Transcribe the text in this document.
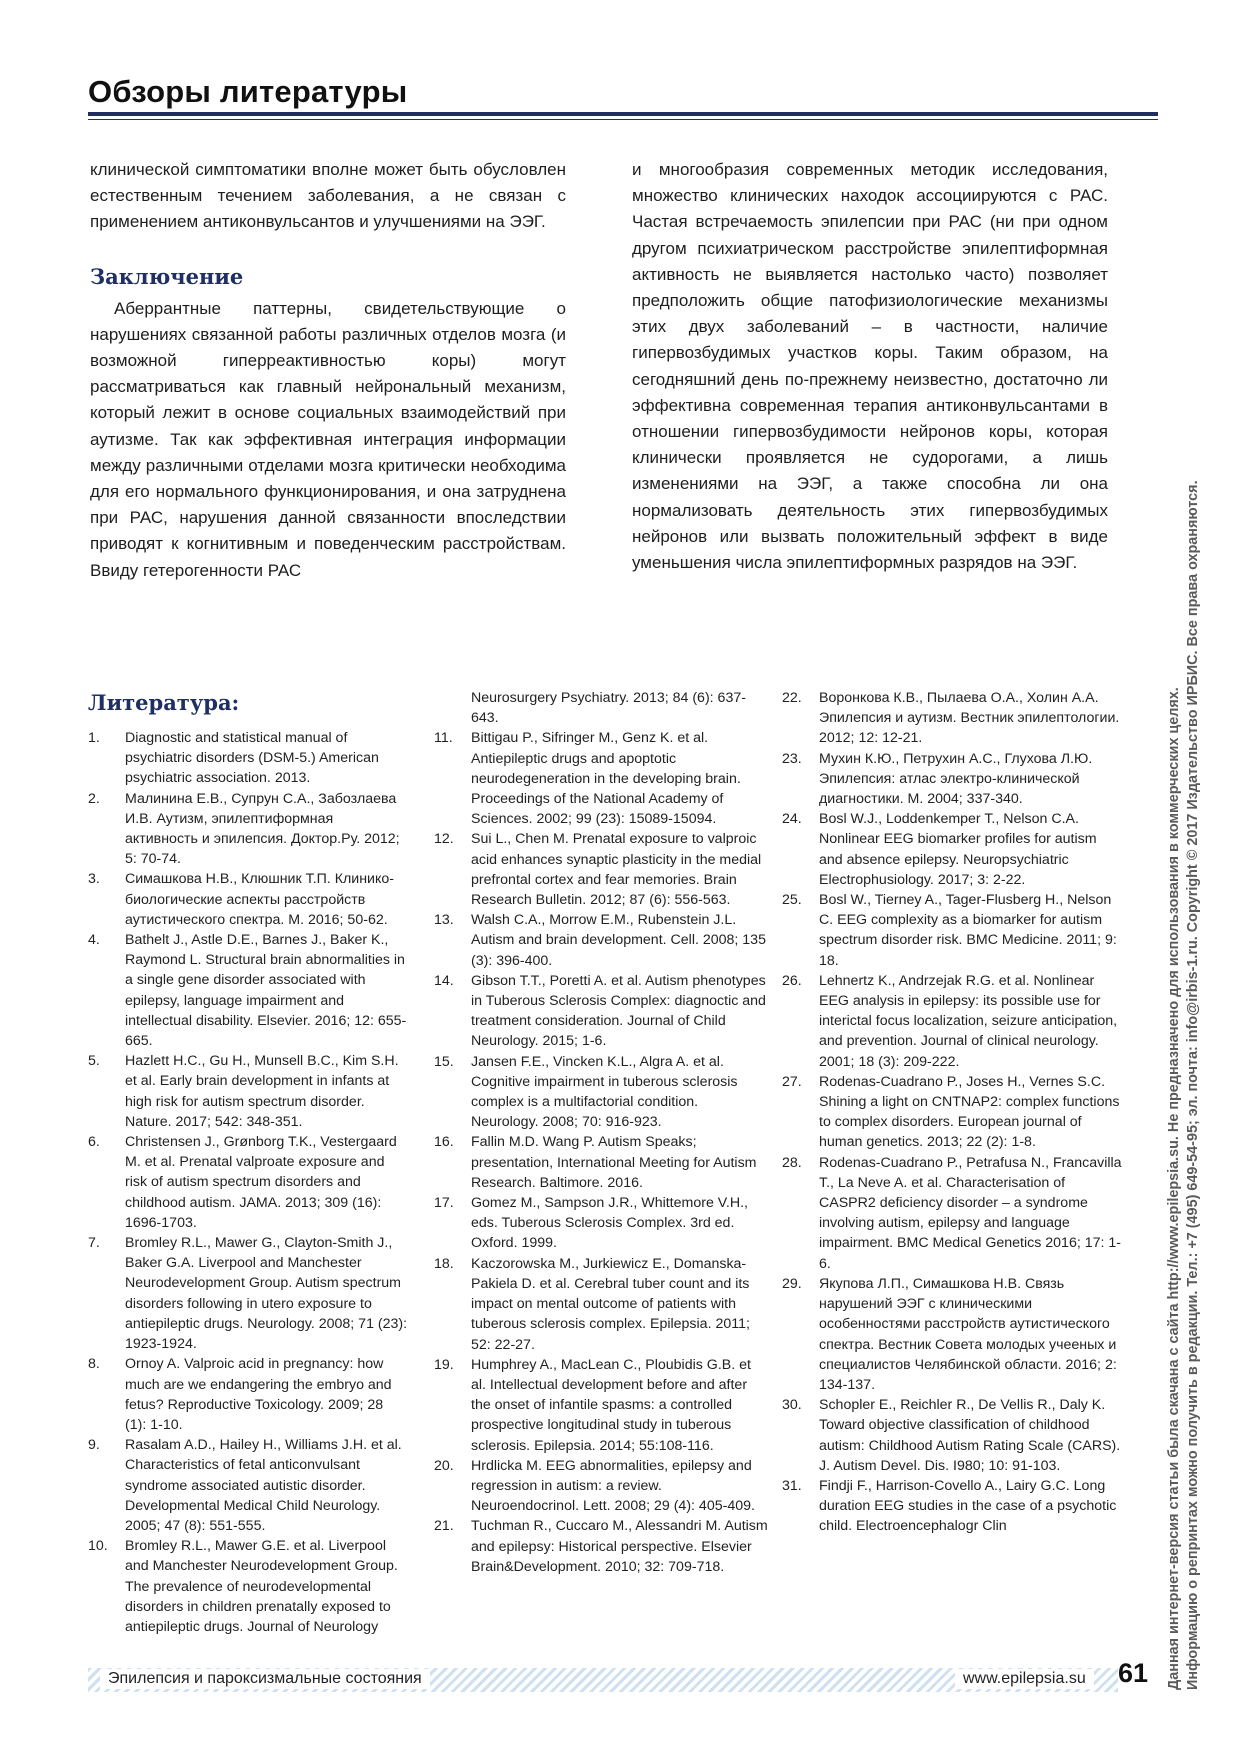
Обзоры литературы

клинической симптоматики вполне может быть обусловлен естественным течением заболевания, а не связан с применением антиконвульсантов и улучшениями на ЭЭГ.

Заключение

Аберрантные паттерны, свидетельствующие о нарушениях связанной работы различных отделов мозга (и возможной гиперреактивностью коры) могут рассматриваться как главный нейрональный механизм, который лежит в основе социальных взаимодействий при аутизме. Так как эффективная интеграция информации между различными отделами мозга критически необходима для его нормального функционирования, и она затруднена при РАС, нарушения данной связанности впоследствии приводят к когнитивным и поведенческим расстройствам. Ввиду гетерогенности РАС

и многообразия современных методик исследования, множество клинических находок ассоциируются с РАС. Частая встречаемость эпилепсии при РАС (ни при одном другом психиатрическом расстройстве эпилептиформная активность не выявляется настолько часто) позволяет предположить общие патофизиологические механизмы этих двух заболеваний – в частности, наличие гипервозбудимых участков коры. Таким образом, на сегодняшний день по-прежнему неизвестно, достаточно ли эффективна современная терапия антиконвульсантами в отношении гипервозбудимости нейронов коры, которая клинически проявляется не судорогами, а лишь изменениями на ЭЭГ, а также способна ли она нормализовать деятельность этих гипервозбудимых нейронов или вызвать положительный эффект в виде уменьшения числа эпилептиформных разрядов на ЭЭГ.

Литература:
1. Diagnostic and statistical manual of psychiatric disorders (DSM-5.) American psychiatric association. 2013.
2. Малинина Е.В., Супрун С.А., Забозлаева И.В. Аутизм, эпилептиформная активность и эпилепсия. Доктор.Ру. 2012; 5: 70-74.
3. Симашкова Н.В., Клюшник Т.П. Клинико-биологические аспекты расстройств аутистического спектра. М. 2016; 50-62.
4. Bathelt J., Astle D.E., Barnes J., Baker K., Raymond L. Structural brain abnormalities in a single gene disorder associated with epilepsy, language impairment and intellectual disability. Elsevier. 2016; 12: 655-665.
5. Hazlett H.C., Gu H., Munsell B.C., Kim S.H. et al. Early brain development in infants at high risk for autism spectrum disorder. Nature. 2017; 542: 348-351.
6. Christensen J., Grønborg T.K., Vestergaard M. et al. Prenatal valproate exposure and risk of autism spectrum disorders and childhood autism. JAMA. 2013; 309 (16): 1696-1703.
7. Bromley R.L., Mawer G., Clayton-Smith J., Baker G.A. Liverpool and Manchester Neurodevelopment Group. Autism spectrum disorders following in utero exposure to antiepileptic drugs. Neurology. 2008; 71 (23): 1923-1924.
8. Ornoy A. Valproic acid in pregnancy: how much are we endangering the embryo and fetus? Reproductive Toxicology. 2009; 28 (1): 1-10.
9. Rasalam A.D., Hailey H., Williams J.H. et al. Characteristics of fetal anticonvulsant syndrome associated autistic disorder. Developmental Medical Child Neurology. 2005; 47 (8): 551-555.
10. Bromley R.L., Mawer G.E. et al. Liverpool and Manchester Neurodevelopment Group. The prevalence of neurodevelopmental disorders in children prenatally exposed to antiepileptic drugs. Journal of Neurology
Neurosurgery Psychiatry. 2013; 84 (6): 637-643.
11. Bittigau P., Sifringer M., Genz K. et al. Antiepileptic drugs and apoptotic neurodegeneration in the developing brain. Proceedings of the National Academy of Sciences. 2002; 99 (23): 15089-15094.
12. Sui L., Chen M. Prenatal exposure to valproic acid enhances synaptic plasticity in the medial prefrontal cortex and fear memories. Brain Research Bulletin. 2012; 87 (6): 556-563.
13. Walsh C.A., Morrow E.M., Rubenstein J.L. Autism and brain development. Cell. 2008; 135 (3): 396-400.
14. Gibson T.T., Poretti A. et al. Autism phenotypes in Tuberous Sclerosis Complex: diagnoctic and treatment consideration. Journal of Child Neurology. 2015; 1-6.
15. Jansen F.E., Vincken K.L., Algra A. et al. Cognitive impairment in tuberous sclerosis complex is a multifactorial condition. Neurology. 2008; 70: 916-923.
16. Fallin M.D. Wang P. Autism Speaks; presentation, International Meeting for Autism Research. Baltimore. 2016.
17. Gomez M., Sampson J.R., Whittemore V.H., eds. Tuberous Sclerosis Complex. 3rd ed. Oxford. 1999.
18. Kaczorowska M., Jurkiewicz E., Domanska-Pakiela D. et al. Cerebral tuber count and its impact on mental outcome of patients with tuberous sclerosis complex. Epilepsia. 2011; 52: 22-27.
19. Humphrey A., MacLean C., Ploubidis G.B. et al. Intellectual development before and after the onset of infantile spasms: a controlled prospective longitudinal study in tuberous sclerosis. Epilepsia. 2014; 55:108-116.
20. Hrdlicka M. EEG abnormalities, epilepsy and regression in autism: a review. Neuroendocrinol. Lett. 2008; 29 (4): 405-409.
21. Tuchman R., Cuccaro M., Alessandri M. Autism and epilepsy: Historical perspective. Elsevier Brain&Development. 2010; 32: 709-718.
22. Воронкова К.В., Пылаева О.А., Холин А.А. Эпилепсия и аутизм. Вестник эпилептологии. 2012; 12: 12-21.
23. Мухин К.Ю., Петрухин А.С., Глухова Л.Ю. Эпилепсия: атлас электро-клинической диагностики. М. 2004; 337-340.
24. Bosl W.J., Loddenkemper T., Nelson C.A. Nonlinear EEG biomarker profiles for autism and absence epilepsy. Neuropsychiatric Electrophusiology. 2017; 3: 2-22.
25. Bosl W., Tierney A., Tager-Flusberg H., Nelson C. EEG complexity as a biomarker for autism spectrum disorder risk. BMC Medicine. 2011; 9: 18.
26. Lehnertz K., Andrzejak R.G. et al. Nonlinear EEG analysis in epilepsy: its possible use for interictal focus localization, seizure anticipation, and prevention. Journal of clinical neurology. 2001; 18 (3): 209-222.
27. Rodenas-Cuadrano P., Joses H., Vernes S.C. Shining a light on CNTNAP2: complex functions to complex disorders. European journal of human genetics. 2013; 22 (2): 1-8.
28. Rodenas-Cuadrano P., Petrafusa N., Francavilla T., La Neve A. et al. Characterisation of CASPR2 deficiency disorder – a syndrome involving autism, epilepsy and language impairment. BMC Medical Genetics 2016; 17: 1-6.
29. Якупова Л.П., Симашкова Н.В. Связь нарушений ЭЭГ с клиническими особенностями расстройств аутистического спектра. Вестник Совета молодых учееных и специалистов Челябинской области. 2016; 2: 134-137.
30. Schopler E., Reichler R., De Vellis R., Daly K. Toward objective classification of childhood autism: Childhood Autism Rating Scale (CARS). J. Autism Devel. Dis. I980; 10: 91-103.
31. Findji F., Harrison-Covello A., Lairy G.C. Long duration EEG studies in the case of a psychotic child. Electroencephalogr Clin	Данная интернет-версия статьи была скачана с сайта http://www.epilepsia.su. Не предназначено для использования в коммерческих целях. Информацию о репринтах можно получить в редакции. Тел.: +7 (495) 649-54-95; эл. почта: info@irbis-1.ru. Copyright © 2017 Издательство ИРБИС. Все права охраняются.
Эпилепсия и пароксизмальные состояния	www.epilepsia.su 61
